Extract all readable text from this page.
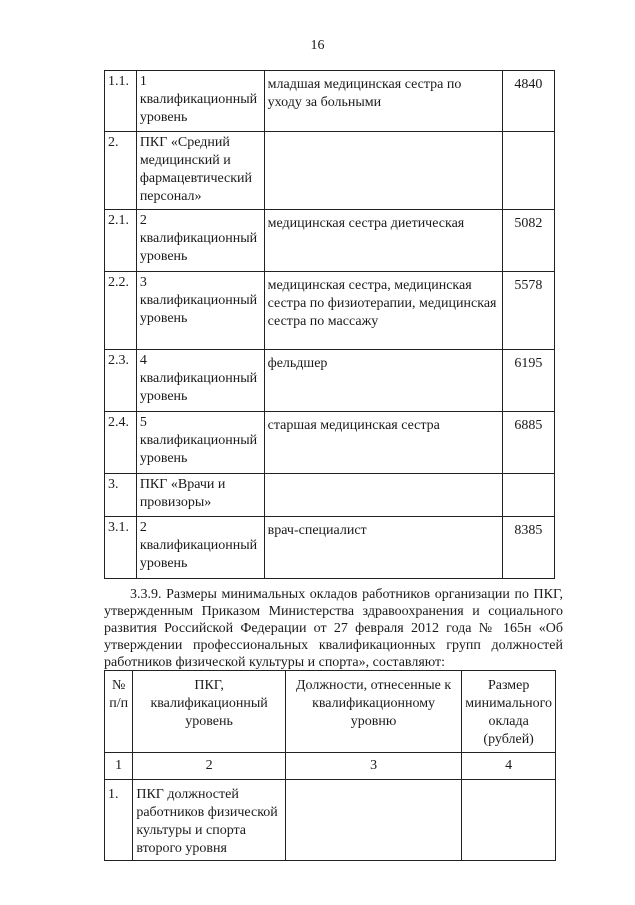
16
1.1.	1 квалификационный уровень	младшая медицинская сестра по уходу за больными	4840
2.	ПКГ «Средний медицинский и фармацевтический персонал»		
2.1.	2 квалификационный уровень	медицинская сестра диетическая	5082
2.2.	3 квалификационный уровень	медицинская сестра, медицинская сестра по физиотерапии, медицинская сестра по массажу	5578
2.3.	4 квалификационный уровень	фельдшер	6195
2.4.	5 квалификационный уровень	старшая медицинская сестра	6885
3.	ПКГ «Врачи и провизоры»		
3.1.	2 квалификационный уровень	врач-специалист	8385
3.3.9. Размеры минимальных окладов работников организации по ПКГ, утвержденным Приказом Министерства здравоохранения и социального развития Российской Федерации от 27 февраля 2012 года № 165н «Об утверждении профессиональных квалификационных групп должностей работников физической культуры и спорта», составляют:
№ п/п	ПКГ, квалификационный уровень	Должности, отнесенные к квалификационному уровню	Размер минимального оклада (рублей)
1	2	3	4
1.	ПКГ должностей работников физической культуры и спорта второго уровня		
